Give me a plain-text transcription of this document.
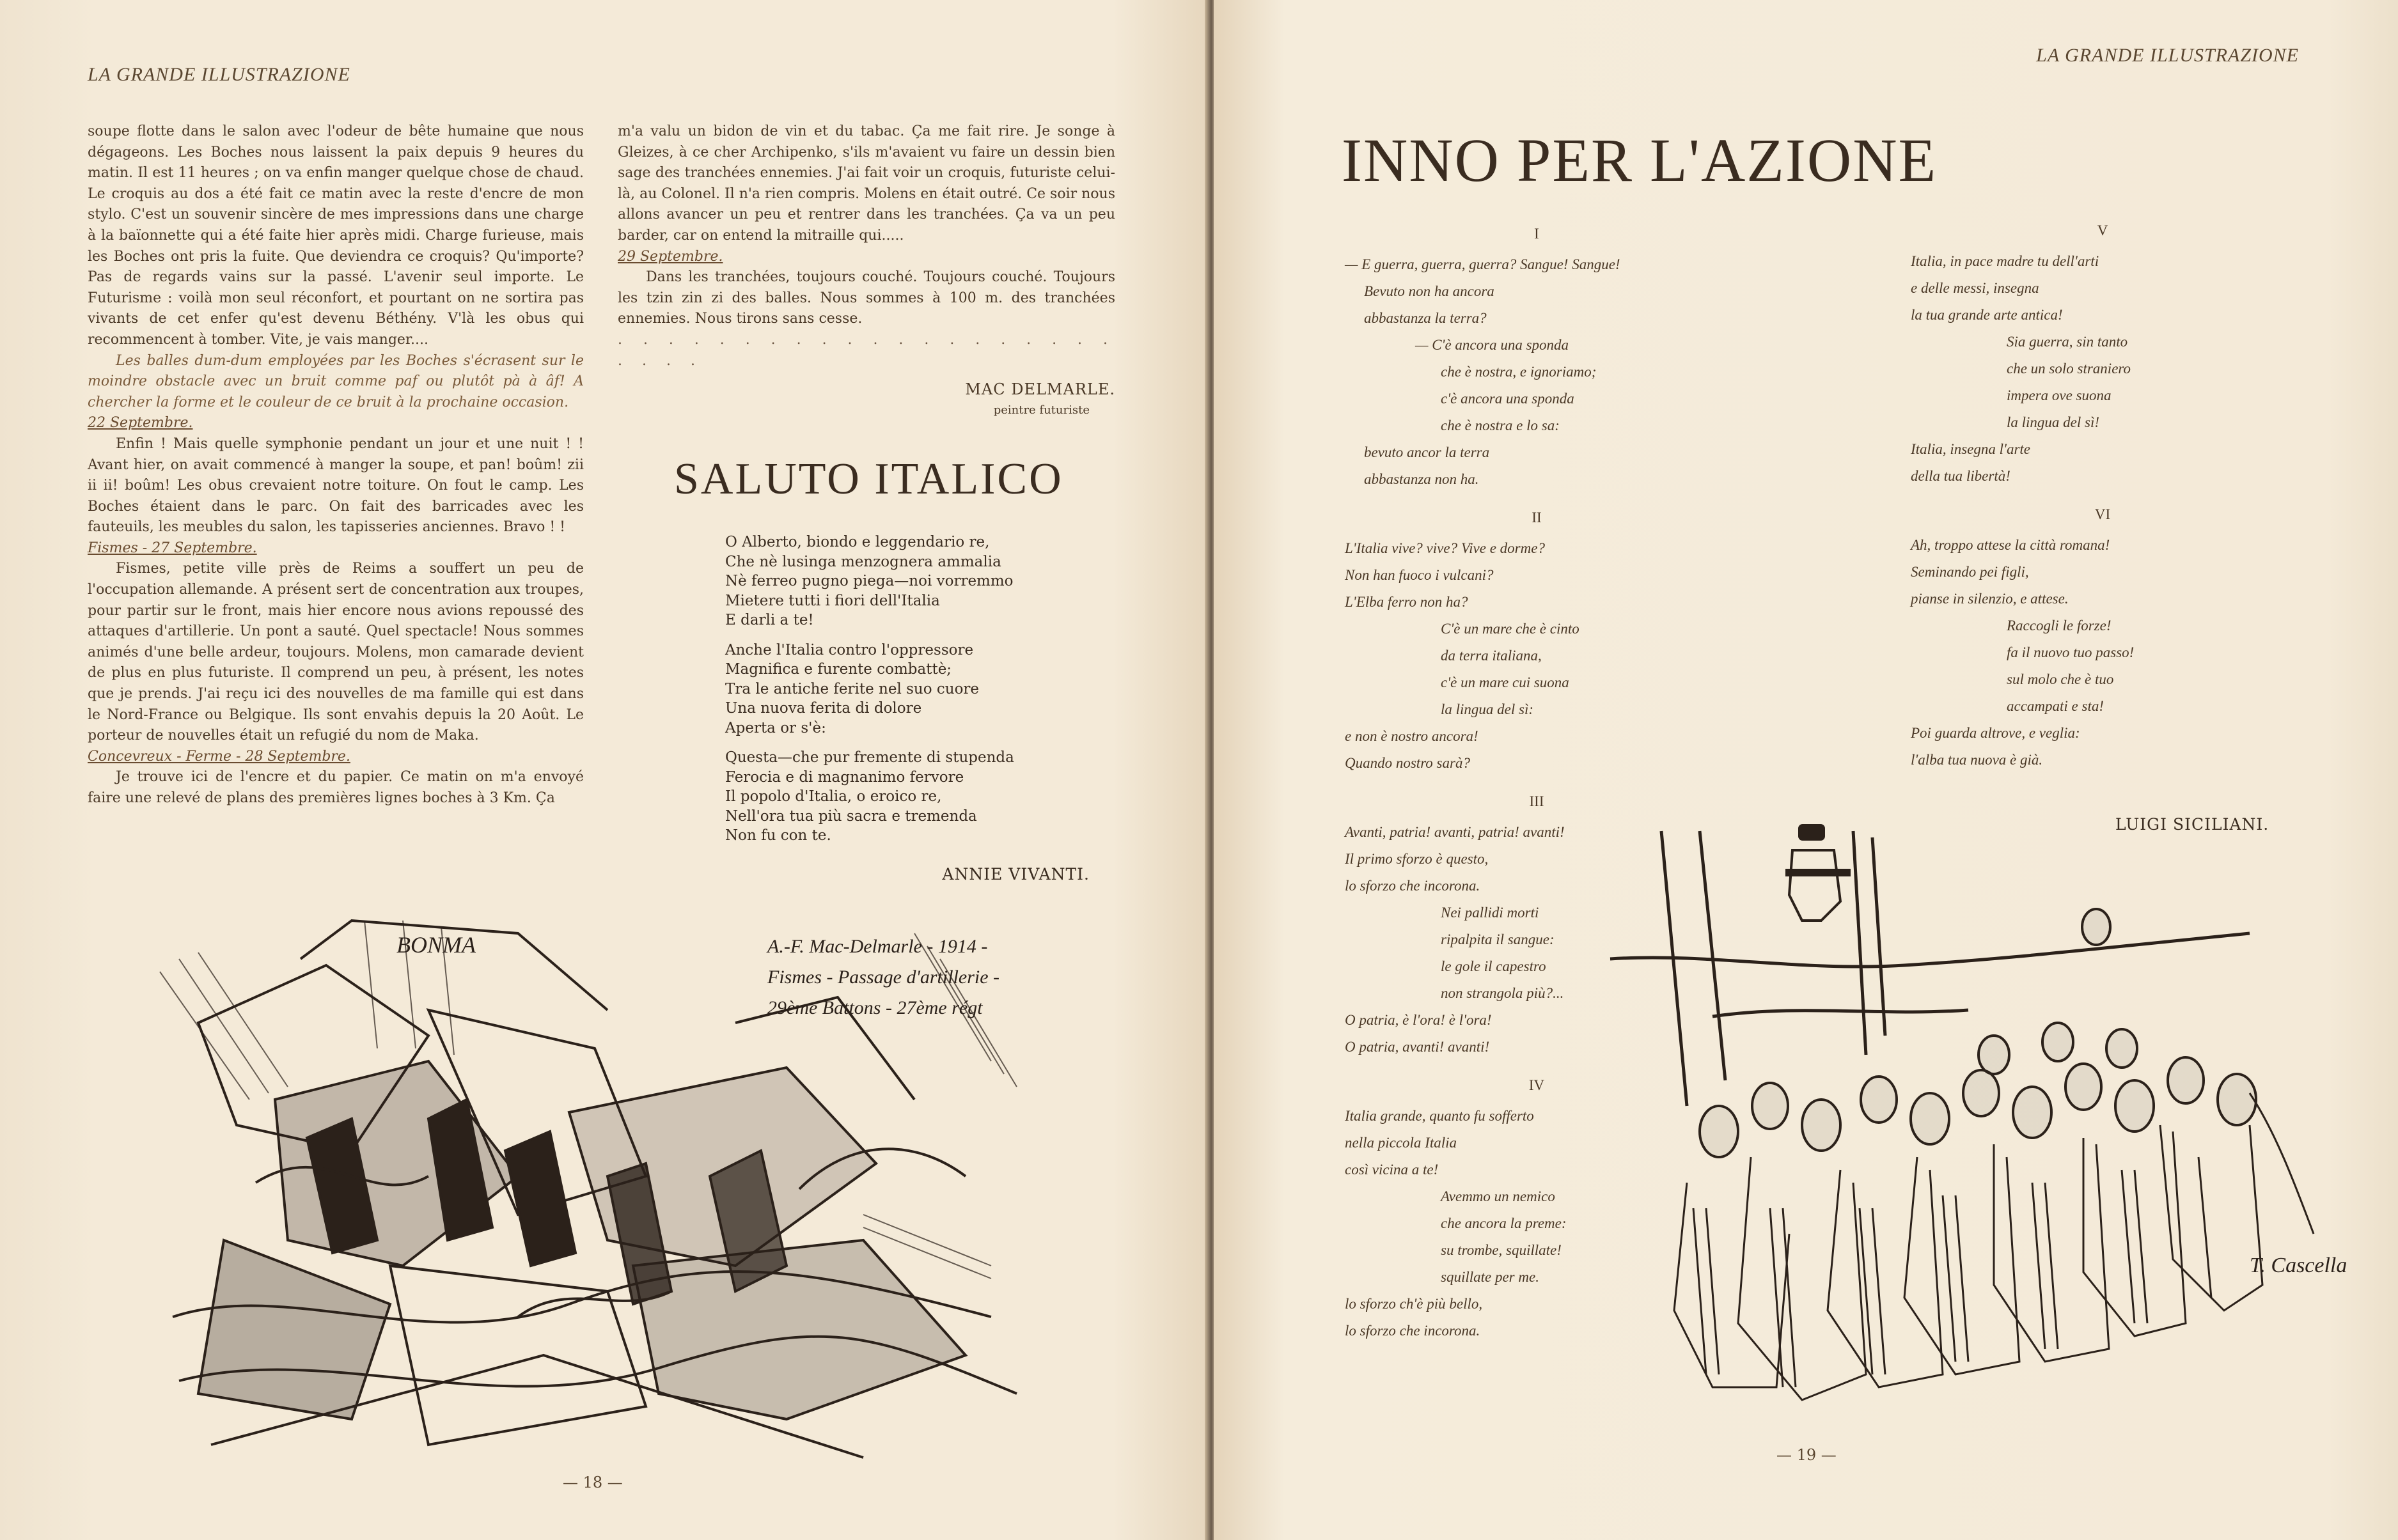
LA GRANDE ILLUSTRAZIONE

soupe flotte dans le salon avec l'odeur de bête humaine que nous dégageons. Les Boches nous laissent la paix depuis 9 heures du matin. Il est 11 heures ; on va enfin manger quelque chose de chaud. Le croquis au dos a été fait ce matin avec la reste d'encre de mon stylo. C'est un souvenir sincère de mes impressions dans une charge à la baïonnette qui a été faite hier après midi. Charge furieuse, mais les Boches ont pris la fuite. Que deviendra ce croquis? Qu'importe? Pas de regards vains sur la passé. L'avenir seul importe. Le Futurisme : voilà mon seul réconfort, et pourtant on ne sortira pas vivants de cet enfer qu'est devenu Béthény. V'là les obus qui recommencent à tomber. Vite, je vais manger....

Les balles dum-dum employées par les Boches s'écrasent sur le moindre obstacle avec un bruit comme paf ou plutôt pà à âf! A chercher la forme et le couleur de ce bruit à la prochaine occasion.

22 Septembre.

Enfin ! Mais quelle symphonie pendant un jour et une nuit ! ! Avant hier, on avait commencé à manger la soupe, et pan! boûm! zii ii ii! boûm! Les obus crevaient notre toiture. On fout le camp. Les Boches étaient dans le parc. On fait des barricades avec les fauteuils, les meubles du salon, les tapisseries anciennes. Bravo ! !

Fismes - 27 Septembre.

Fismes, petite ville près de Reims a souffert un peu de l'occupation allemande. A présent sert de concentration aux troupes, pour partir sur le front, mais hier encore nous avions repoussé des attaques d'artillerie. Un pont a sauté. Quel spectacle! Nous sommes animés d'une belle ardeur, toujours. Molens, mon camarade devient de plus en plus futuriste. Il comprend un peu, à présent, les notes que je prends. J'ai reçu ici des nouvelles de ma famille qui est dans le Nord-France ou Belgique. Ils sont envahis depuis la 20 Août. Le porteur de nouvelles était un refugié du nom de Maka.

Concevreux - Ferme - 28 Septembre.

Je trouve ici de l'encre et du papier. Ce matin on m'a envoyé faire une relevé de plans des premières lignes boches à 3 Km. Ça

m'a valu un bidon de vin et du tabac. Ça me fait rire. Je songe à Gleizes, à ce cher Archipenko, s'ils m'avaient vu faire un dessin bien sage des tranchées ennemies. J'ai fait voir un croquis, futuriste celui-là, au Colonel. Il n'a rien compris. Molens en était outré. Ce soir nous allons avancer un peu et rentrer dans les tranchées. Ça va un peu barder, car on entend la mitraille qui.....

29 Septembre.

Dans les tranchées, toujours couché. Toujours couché. Toujours les tzin zin zi des balles. Nous sommes à 100 m. des tranchées ennemies. Nous tirons sans cesse.

. . . . . . . . . . . . . . . . . . . . . . . .
MAC DELMARLE.
peintre futuriste
SALUTO ITALICO
O Alberto, biondo e leggendario re,
Che nè lusinga menzognera ammalia
Nè ferreo pugno piega—noi vorremmo
Mietere tutti i fiori dell'Italia
E darli a te!
Anche l'Italia contro l'oppressore
Magnifica e furente combattè;
Tra le antiche ferite nel suo cuore
Una nuova ferita di dolore
Aperta or s'è:
Questa—che pur fremente di stupenda
Ferocia e di magnanimo fervore
Il popolo d'Italia, o eroico re,
Nell'ora tua più sacra e tremenda
Non fu con te.
ANNIE VIVANTI.
BONMA	A.-F. Mac-Delmarle - 1914 -
Fismes - Passage d'artillerie -
29ème Battons - 27ème régt
— 18 —
LA GRANDE ILLUSTRAZIONE
INNO PER L'AZIONE
I
— E guerra, guerra, guerra? Sangue! Sangue!
Bevuto non ha ancora
abbastanza la terra?
— C'è ancora una sponda
che è nostra, e ignoriamo;
c'è ancora una sponda
che è nostra e lo sa:
bevuto ancor la terra
abbastanza non ha.
II
L'Italia vive? vive? Vive e dorme?
Non han fuoco i vulcani?
L'Elba ferro non ha?
C'è un mare che è cinto
da terra italiana,
c'è un mare cui suona
la lingua del sì:
e non è nostro ancora!
Quando nostro sarà?
III
Avanti, patria! avanti, patria! avanti!
Il primo sforzo è questo,
lo sforzo che incorona.
Nei pallidi morti
ripalpita il sangue:
le gole il capestro
non strangola più?...
O patria, è l'ora! è l'ora!
O patria, avanti! avanti!
IV
Italia grande, quanto fu sofferto
nella piccola Italia
così vicina a te!
Avemmo un nemico
che ancora la preme:
su trombe, squillate!
squillate per me.
lo sforzo ch'è più bello,
lo sforzo che incorona.
V
Italia, in pace madre tu dell'arti
e delle messi, insegna
la tua grande arte antica!
Sia guerra, sin tanto
che un solo straniero
impera ove suona
la lingua del sì!
Italia, insegna l'arte
della tua libertà!
VI
Ah, troppo attese la città romana!
Seminando pei figli,
pianse in silenzio, e attese.
Raccogli le forze!
fa il nuovo tuo passo!
sul molo che è tuo
accampati e sta!
Poi guarda altrove, e veglia:
l'alba tua nuova è già.
LUIGI SICILIANI.
T. Cascella
— 19 —
